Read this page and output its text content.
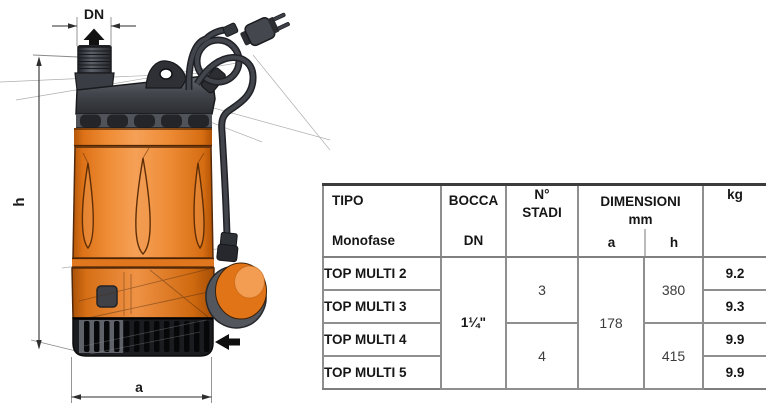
h
a
DN
TIPO
Monofase

BOCCA
DN

N°
STADI

DIMENSIONI
mm
a	h
	kg
TOP MULTI 2	1¼"	3	178	380	9.2
TOP MULTI 3					9.3
TOP MULTI 4		4		415	9.9
TOP MULTI 5					9.9
